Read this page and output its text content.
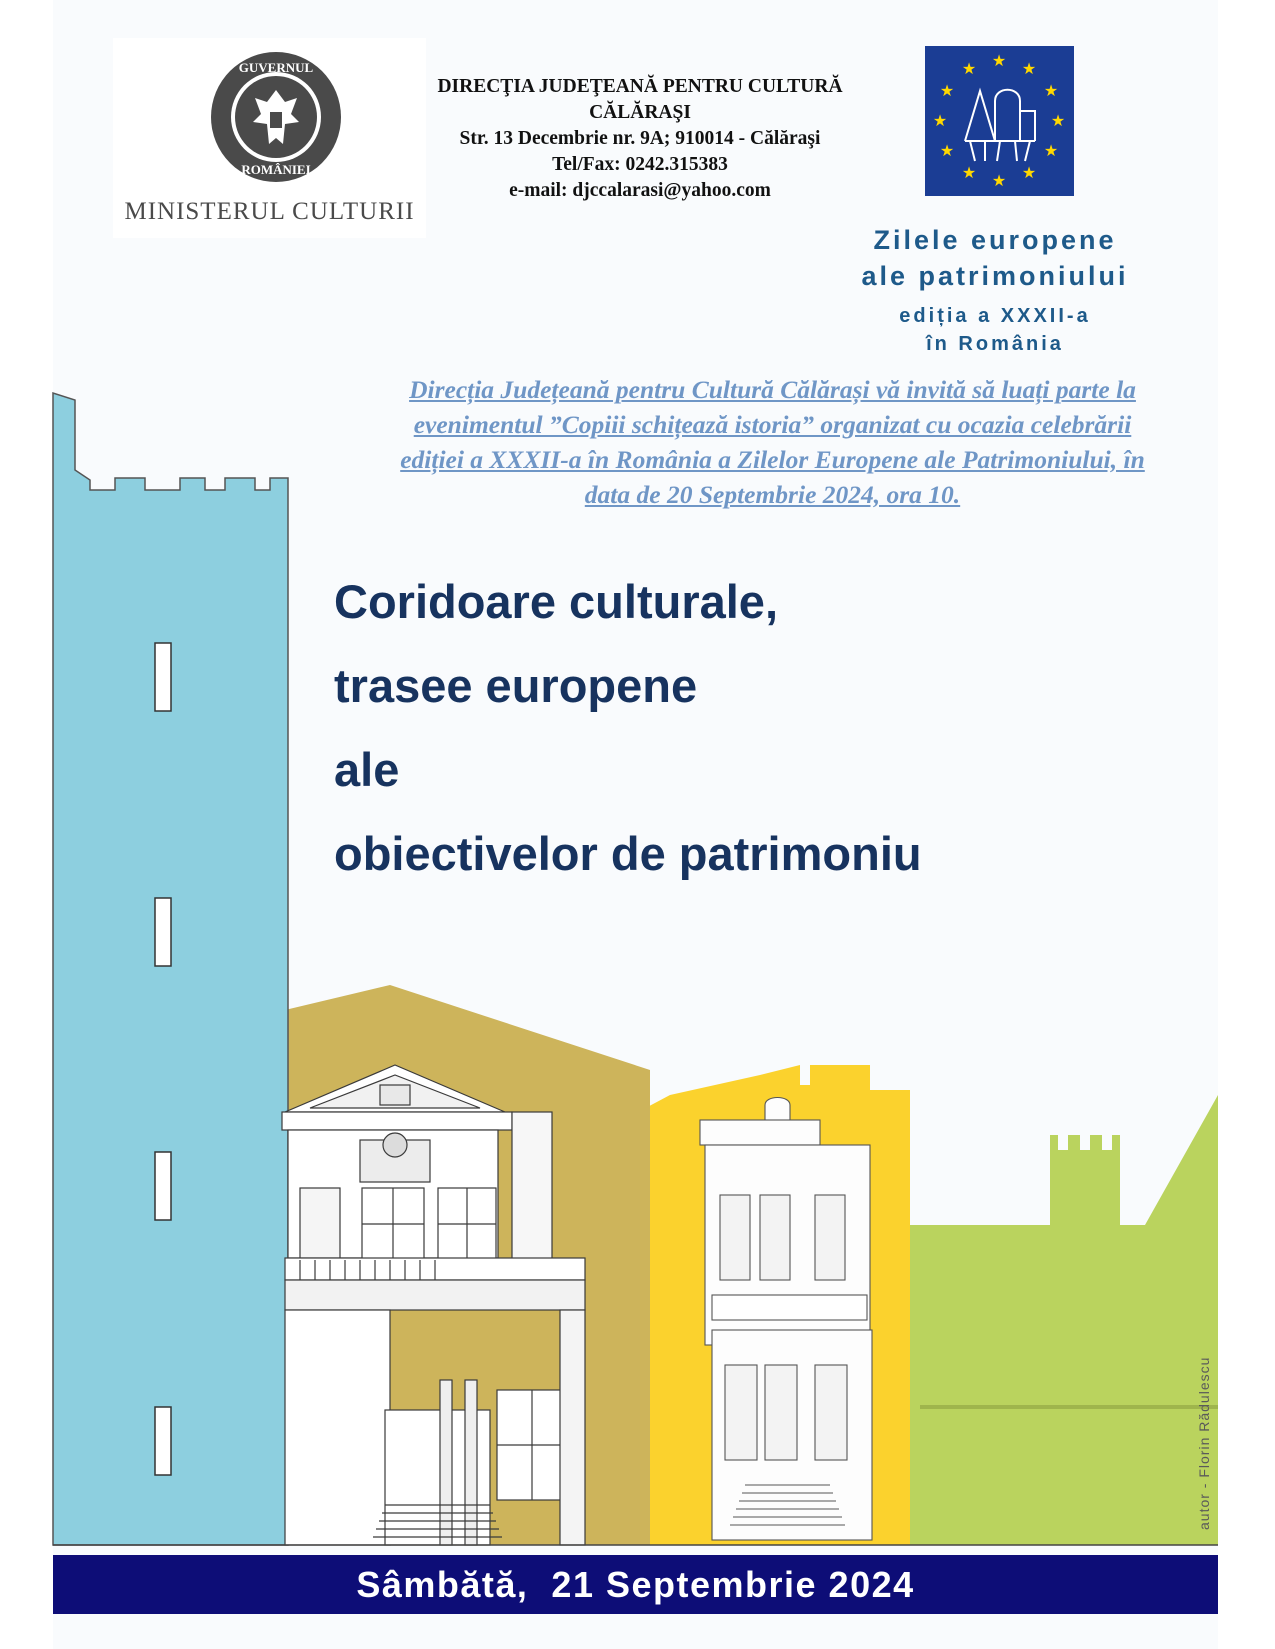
GUVERNUL
ROMÂNIEI
MINISTERUL CULTURII
DIRECŢIA JUDEŢEANĂ PENTRU CULTURĂ
CĂLĂRAŞI
Str. 13 Decembrie nr. 9A; 910014 - Călăraşi
Tel/Fax: 0242.315383
e-mail: djccalarasi@yahoo.com
★ ★
★
★
★
★
★
★
★
★
★
★
Zilele europene
ale patrimoniului
ediția a XXXII-a
în România
Direcția Județeană pentru Cultură Călărași vă invită să luați parte la
evenimentul ”Copiii schițează istoria” organizat cu ocazia celebrării
ediției a XXXII-a în România a Zilelor Europene ale Patrimoniului, în
data de 20 Septembrie 2024, ora 10.
Coridoare culturale,
trasee europene
ale
obiectivelor de patrimoniu
autor - Florin Rădulescu
Sâmbătă,  21 Septembrie 2024
